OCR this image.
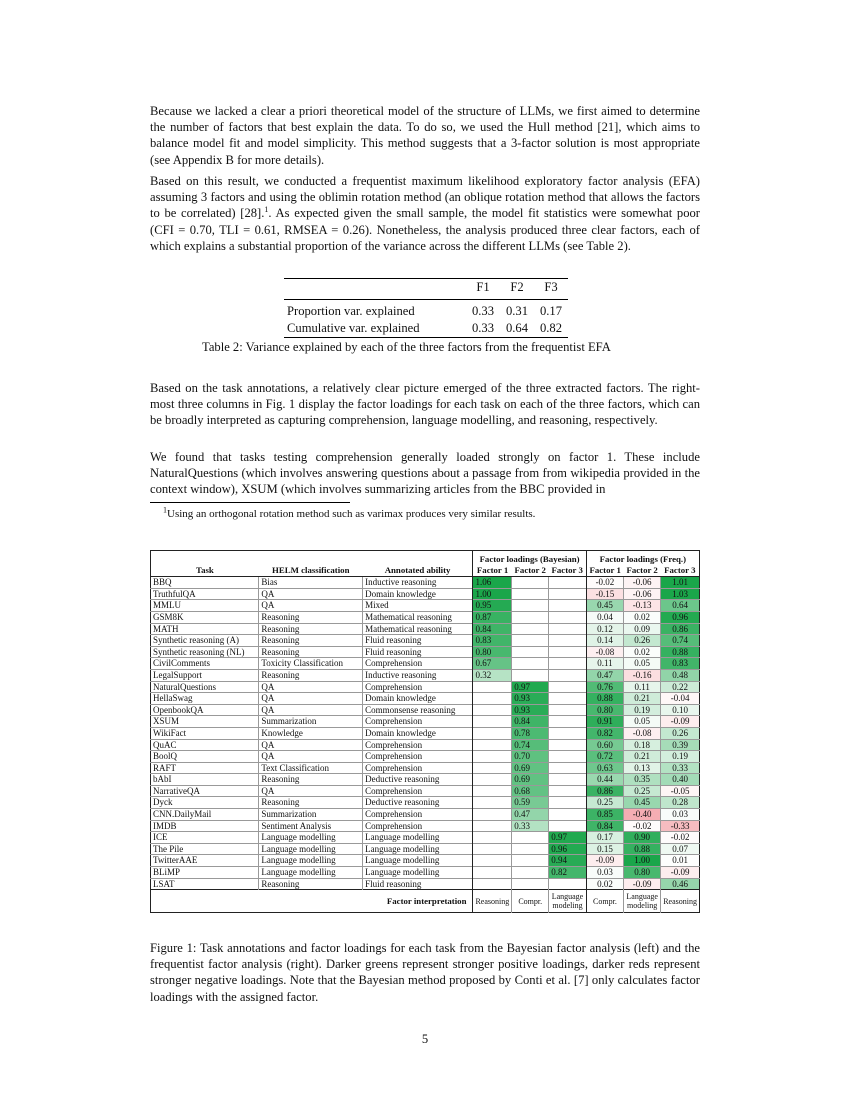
Because we lacked a clear a priori theoretical model of the structure of LLMs, we first aimed to determine the number of factors that best explain the data. To do so, we used the Hull method [21], which aims to balance model fit and model simplicity. This method suggests that a 3-factor solution is most appropriate (see Appendix B for more details).

Based on this result, we conducted a frequentist maximum likelihood exploratory factor analysis (EFA) assuming 3 factors and using the oblimin rotation method (an oblique rotation method that allows the factors to be correlated) [28].$^1$. As expected given the small sample, the model fit statistics were somewhat poor (CFI = 0.70, TLI = 0.61, RMSEA = 0.26). Nonetheless, the analysis produced three clear factors, each of which explains a substantial proportion of the variance across the different LLMs (see Table 2).

	F1	F2	F3
Proportion var. explained	0.33	0.31	0.17
Cumulative var. explained	0.33	0.64	0.82

Table 2: Variance explained by each of the three factors from the frequentist EFA

Based on the task annotations, a relatively clear picture emerged of the three extracted factors. The right-most three columns in Fig. 1 display the factor loadings for each task on each of the three factors, which can be broadly interpreted as capturing comprehension, language modelling, and reasoning, respectively.

We found that tasks testing comprehension generally loaded strongly on factor 1. These include NaturalQuestions (which involves answering questions about a passage from from wikipedia provided in the context window), XSUM (which involves summarizing articles from the BBC provided in

$^1$Using an orthogonal rotation method such as varimax produces very similar results.

			Factor loadings (Bayesian)			Factor loadings (Freq.)		
Task	HELM classification	Annotated ability	Factor 1	Factor 2	Factor 3	Factor 1	Factor 2	Factor 3
BBQ	Bias	Inductive reasoning	1.06			-0.02	-0.06	1.01
TruthfulQA	QA	Domain knowledge	1.00			-0.15	-0.06	1.03
MMLU	QA	Mixed	0.95			0.45	-0.13	0.64
GSM8K	Reasoning	Mathematical reasoning	0.87			0.04	0.02	0.96
MATH	Reasoning	Mathematical reasoning	0.84			0.12	0.09	0.86
Synthetic reasoning (A)	Reasoning	Fluid reasoning	0.83			0.14	0.26	0.74
Synthetic reasoning (NL)	Reasoning	Fluid reasoning	0.80			-0.08	0.02	0.88
CivilComments	Toxicity Classification	Comprehension	0.67			0.11	0.05	0.83
LegalSupport	Reasoning	Inductive reasoning	0.32			0.47	-0.16	0.48
NaturalQuestions	QA	Comprehension		0.97		0.76	0.11	0.22
HellaSwag	QA	Domain knowledge		0.93		0.88	0.21	-0.04
OpenbookQA	QA	Commonsense reasoning		0.93		0.80	0.19	0.10
XSUM	Summarization	Comprehension		0.84		0.91	0.05	-0.09
WikiFact	Knowledge	Domain knowledge		0.78		0.82	-0.08	0.26
QuAC	QA	Comprehension		0.74		0.60	0.18	0.39
BoolQ	QA	Comprehension		0.70		0.72	0.21	0.19
RAFT	Text Classification	Comprehension		0.69		0.63	0.13	0.33
bAbI	Reasoning	Deductive reasoning		0.69		0.44	0.35	0.40
NarrativeQA	QA	Comprehension		0.68		0.86	0.25	-0.05
Dyck	Reasoning	Deductive reasoning		0.59		0.25	0.45	0.28
CNN.DailyMail	Summarization	Comprehension		0.47		0.85	-0.40	0.03
IMDB	Sentiment Analysis	Comprehension		0.33		0.84	-0.02	-0.33
ICE	Language modelling	Language modelling			0.97	0.17	0.90	-0.02
The Pile	Language modelling	Language modelling			0.96	0.15	0.88	0.07
TwitterAAE	Language modelling	Language modelling			0.94	-0.09	1.00	0.01
BLiMP	Language modelling	Language modelling			0.82	0.03	0.80	-0.09
LSAT	Reasoning	Fluid reasoning				0.02	-0.09	0.46
Factor interpretation			Reasoning	Compr.	Language modeling	Compr.	Language modeling	Reasoning

Figure 1: Task annotations and factor loadings for each task from the Bayesian factor analysis (left) and the frequentist factor analysis (right). Darker greens represent stronger positive loadings, darker reds represent stronger negative loadings. Note that the Bayesian method proposed by Conti et al. [7] only calculates factor loadings with the assigned factor.

5
